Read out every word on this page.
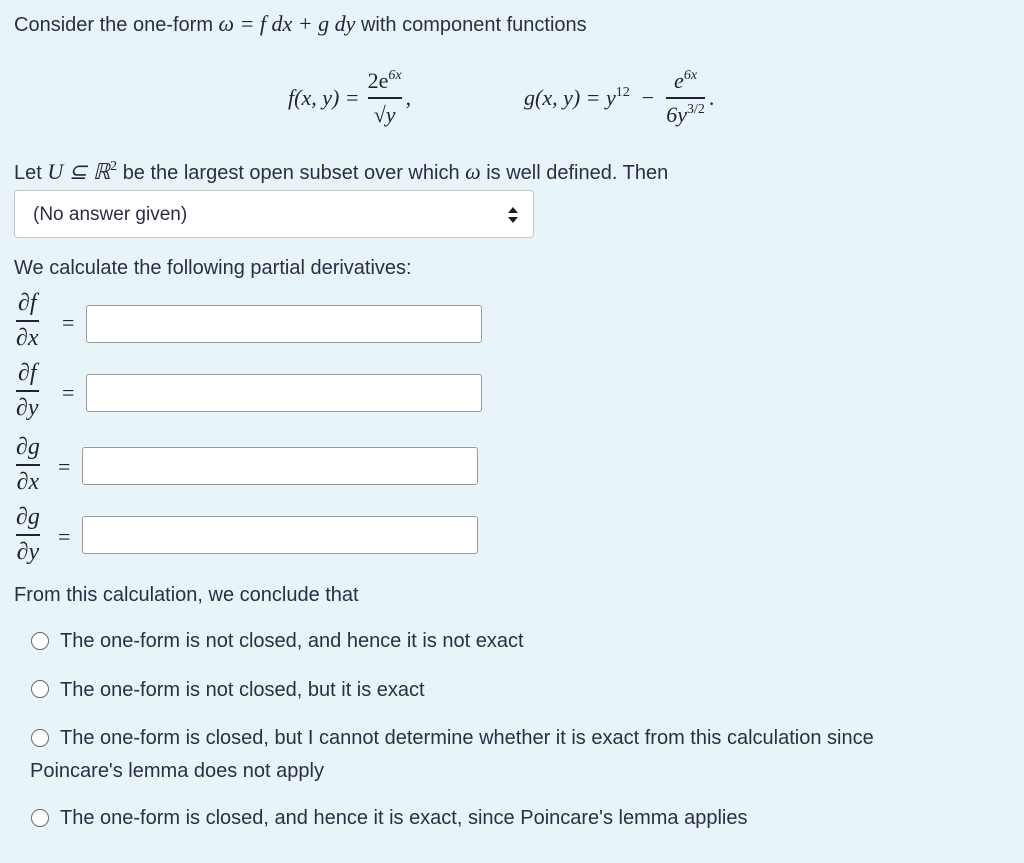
Consider the one-form ω = f dx + g dy with component functions
f(x, $y) = \frac{2e^{6x}}{√y}$ ,	g(x, $y) = y^{12} - \frac{e^{6x}}{6y^{3/2}}$ .
Let U ⊆ ℝ$^2$ be the largest open subset over which ω is well defined. Then
(No answer given)
We calculate the following partial derivatives:
$\frac{\partial f}{\partial x}$ =
$\frac{\partial f}{\partial y}$ =
$\frac{\partial g}{\partial x}$ =
$\frac{\partial g}{\partial y}$ =
From this calculation, we conclude that
The one-form is not closed, and hence it is not exact
The one-form is not closed, but it is exact
The one-form is closed, but I cannot determine whether it is exact from this calculation since
Poincare's lemma does not apply
The one-form is closed, and hence it is exact, since Poincare's lemma applies
